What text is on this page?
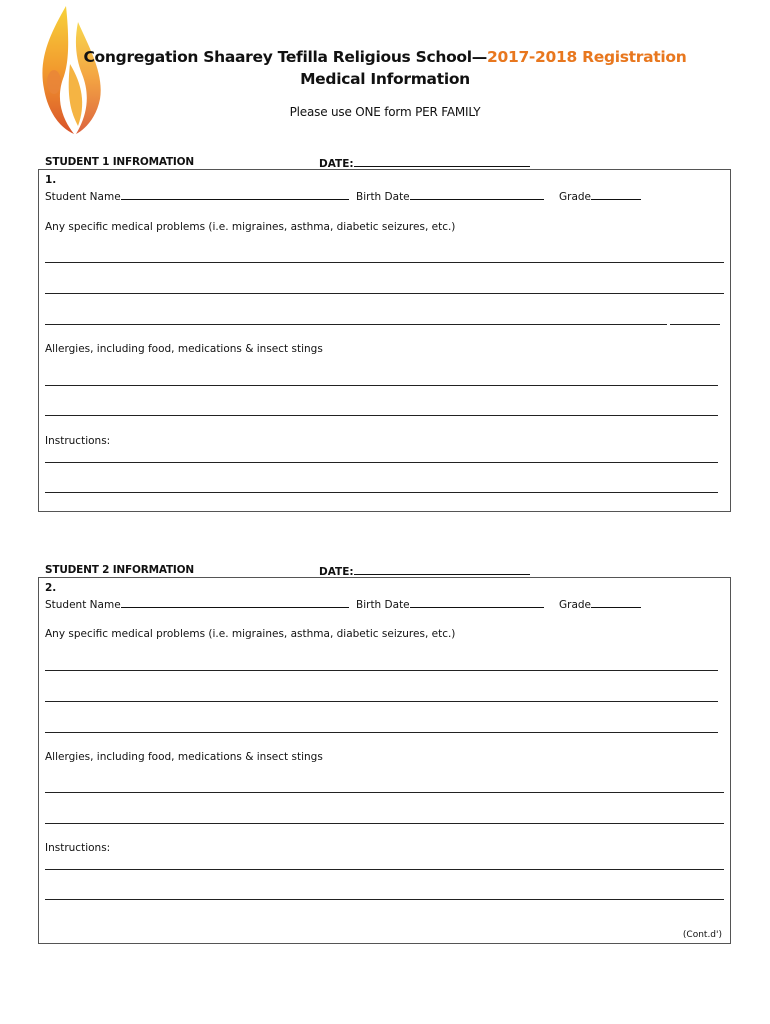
Congregation Shaarey Tefilla Religious School—2017-2018 Registration
Medical Information
Please use ONE form PER FAMILY
STUDENT 1 INFROMATION	DATE:
1.
Student Name	Birth Date	Grade
Any specific medical problems (i.e. migraines, asthma, diabetic seizures, etc.)
Allergies, including food, medications & insect stings
Instructions:
STUDENT 2 INFORMATION	DATE:
2.
Student Name	Birth Date	Grade
Any specific medical problems (i.e. migraines, asthma, diabetic seizures, etc.)
Allergies, including food, medications & insect stings
Instructions:
(Cont.d')
